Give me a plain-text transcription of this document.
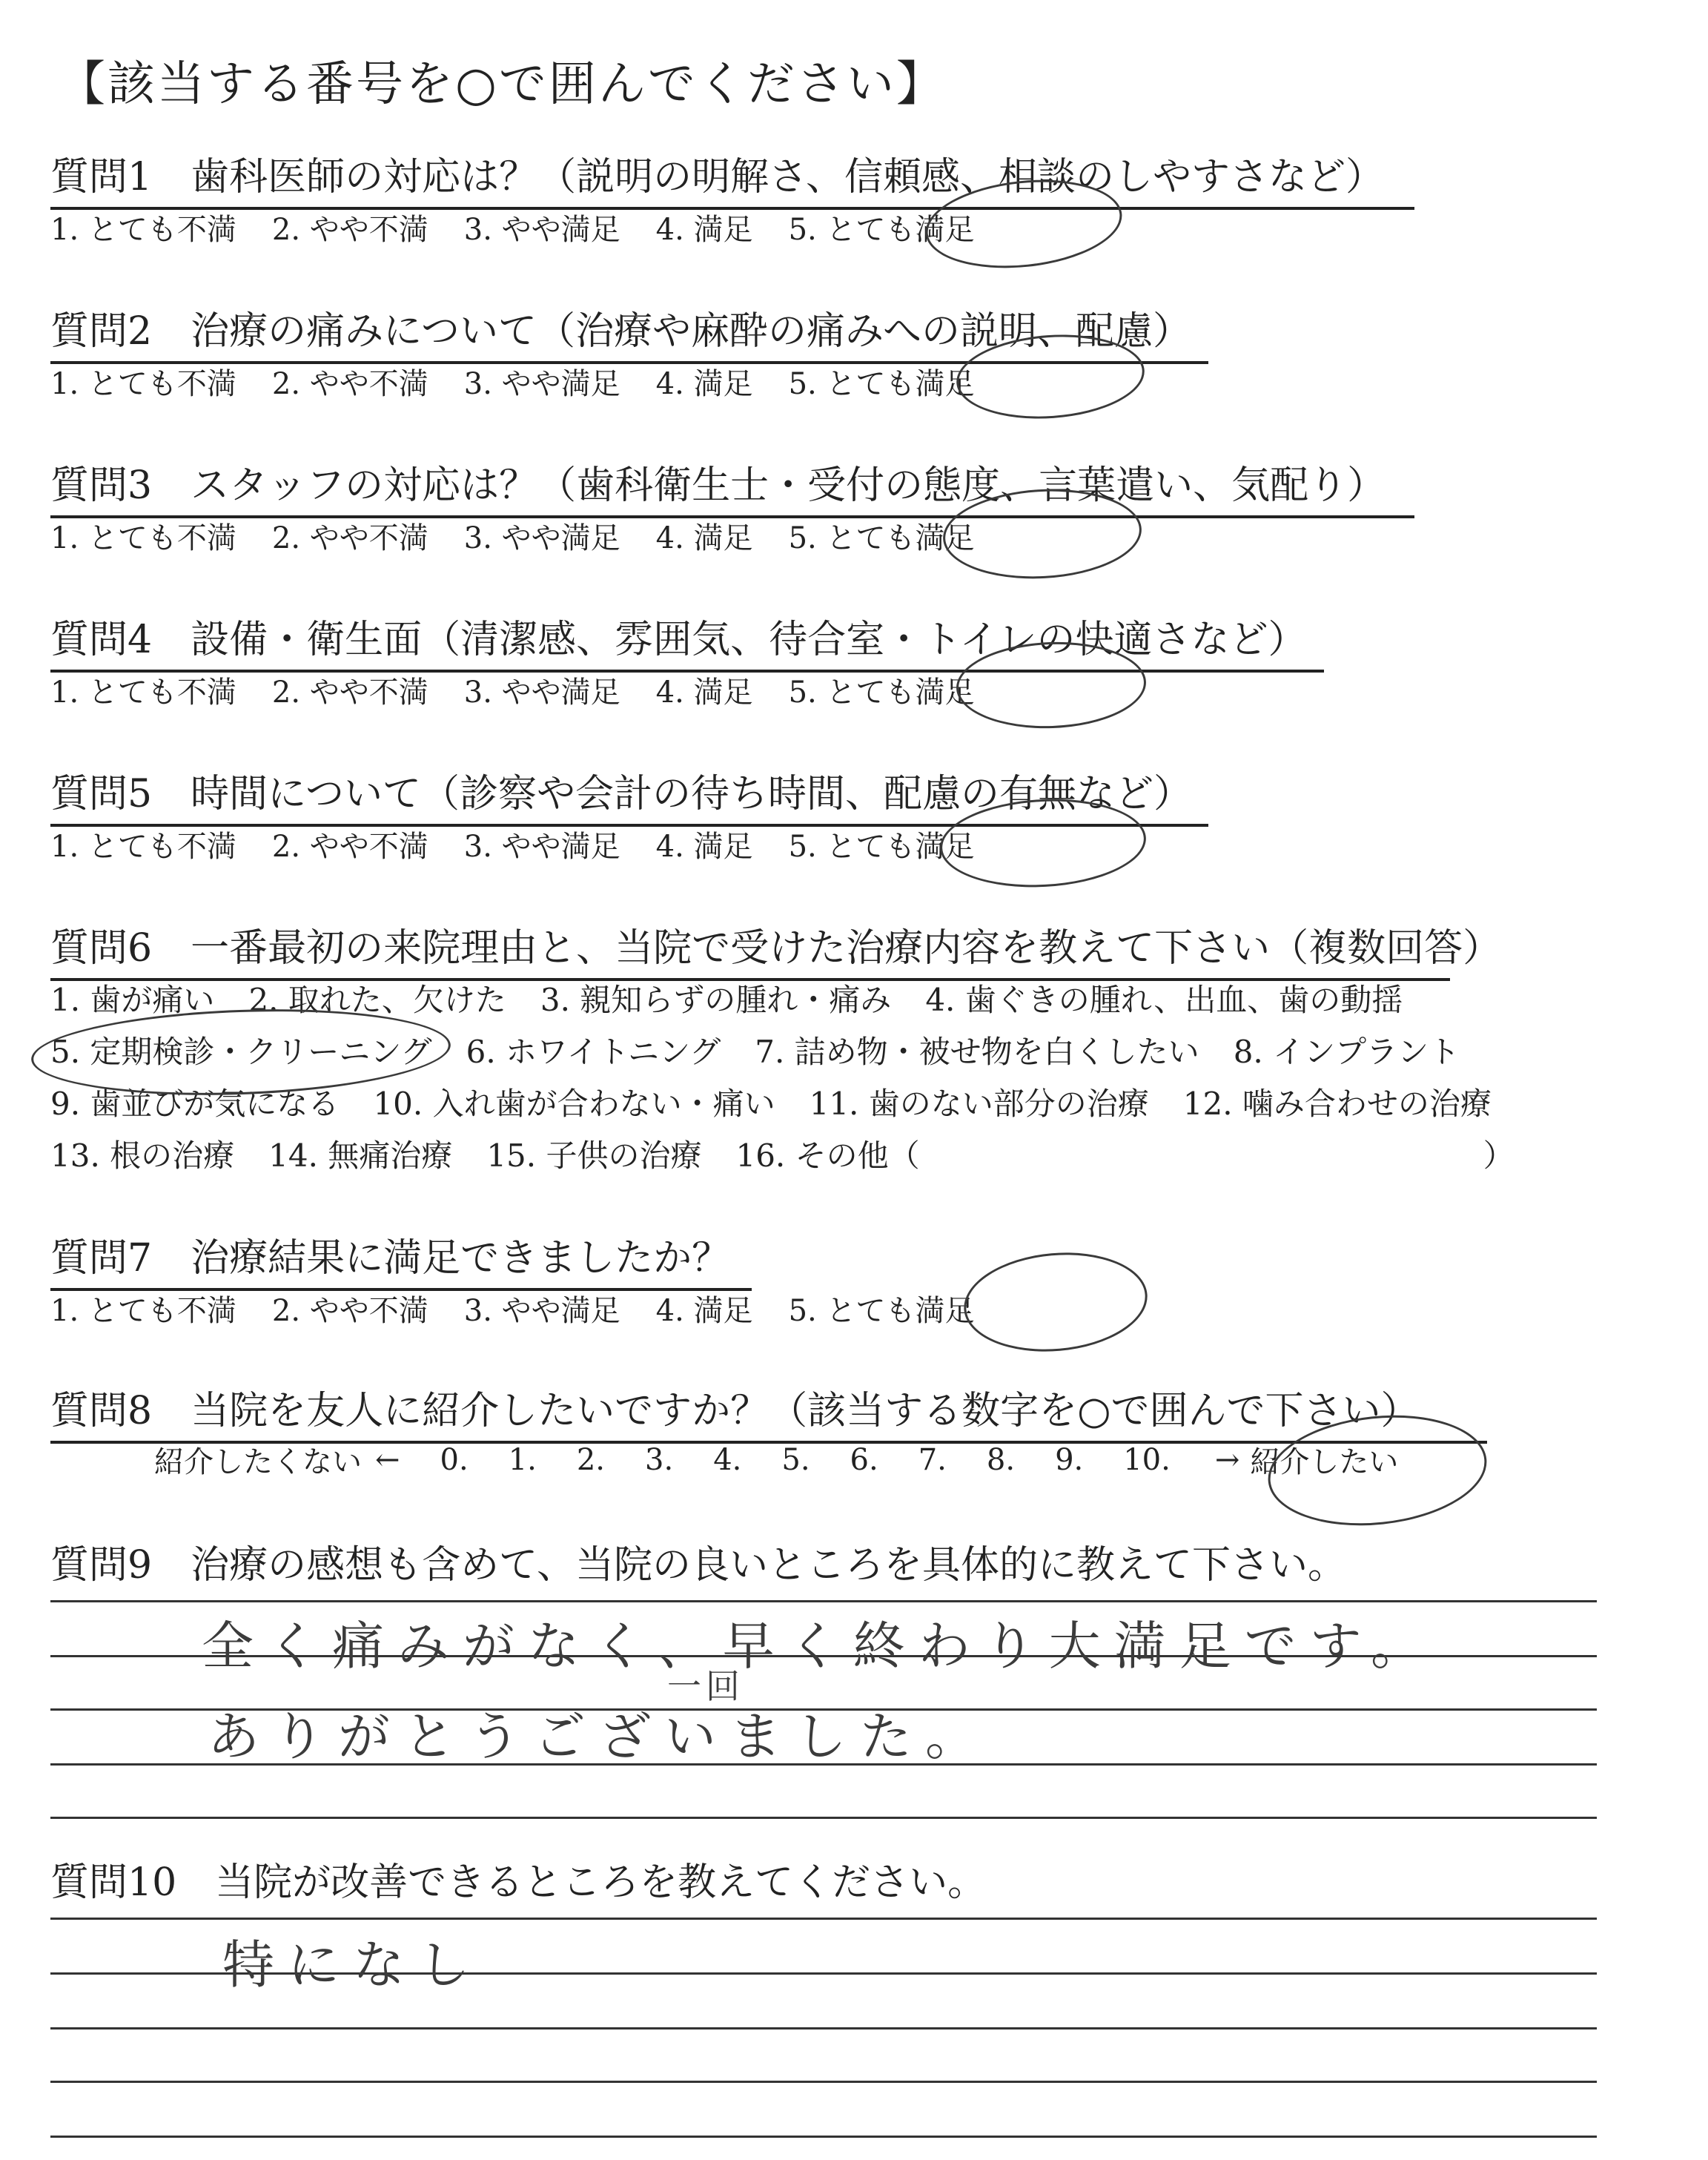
【該当する番号を○で囲んでください】
質問1 歯科医師の対応は？（説明の明解さ、信頼感、相談のしやすさなど）
1. とても不満 2. やや不満 3. やや満足 4. 満足 5. とても満足
質問2 治療の痛みについて（治療や麻酔の痛みへの説明、配慮）
1. とても不満 2. やや不満 3. やや満足 4. 満足 5. とても満足
質問3 スタッフの対応は？（歯科衛生士・受付の態度、言葉遣い、気配り）
1. とても不満 2. やや不満 3. やや満足 4. 満足 5. とても満足
質問4 設備・衛生面（清潔感、雰囲気、待合室・トイレの快適さなど）
1. とても不満 2. やや不満 3. やや満足 4. 満足 5. とても満足
質問5 時間について（診察や会計の待ち時間、配慮の有無など）
1. とても不満 2. やや不満 3. やや満足 4. 満足 5. とても満足
質問6 一番最初の来院理由と、当院で受けた治療内容を教えて下さい（複数回答）
1. 歯が痛い 2. 取れた、欠けた 3. 親知らずの腫れ・痛み 4. 歯ぐきの腫れ、出血、歯の動揺
5. 定期検診・クリーニング 6. ホワイトニング 7. 詰め物・被せ物を白くしたい 8. インプラント
9. 歯並びが気になる 10. 入れ歯が合わない・痛い 11. 歯のない部分の治療 12. 噛み合わせの治療
13. 根の治療 14. 無痛治療 15. 子供の治療 16. その他（	）
質問7 治療結果に満足できましたか？
1. とても不満 2. やや不満 3. やや満足 4. 満足 5. とても満足
質問8 当院を友人に紹介したいですか？（該当する数字を○で囲んで下さい）
紹介したくない ← 0. 1. 2. 3. 4. 5. 6. 7. 8. 9. 10. → 紹介したい
質問9 治療の感想も含めて、当院の良いところを具体的に教えて下さい。
全く痛みがなく、早く終わり大満足です。
一回
ありがとうございました。
質問10 当院が改善できるところを教えてください。
特になし
